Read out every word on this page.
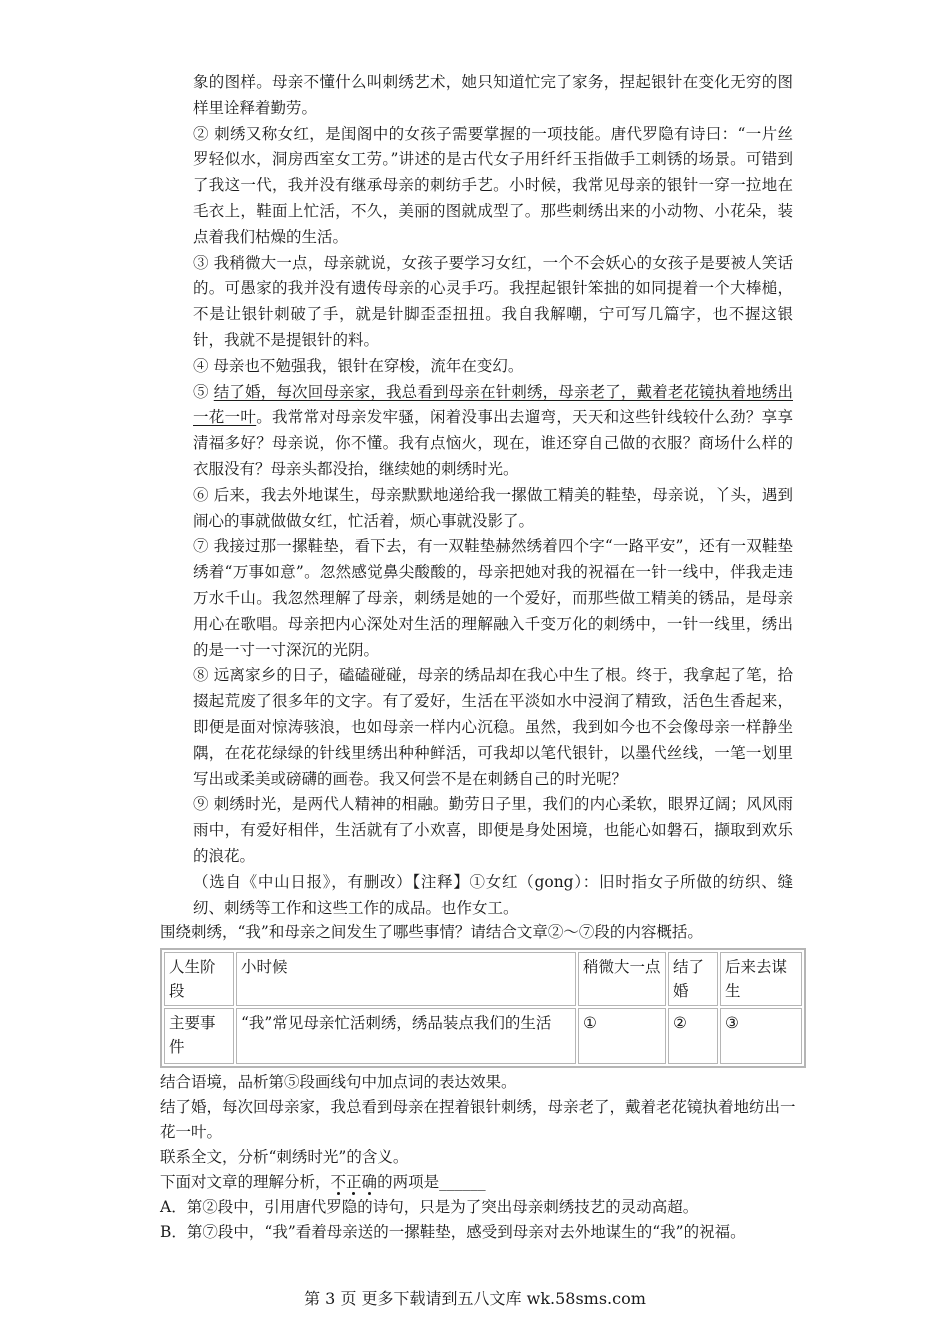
象的图样。母亲不懂什么叫刺绣艺术，她只知道忙完了家务，捏起银针在变化无穷的图样里诠释着勤劳。

② 刺绣又称女红，是闺阁中的女孩子需要掌握的一项技能。唐代罗隐有诗曰：“一片丝罗轻似水，洞房西室女工劳。”讲述的是古代女子用纤纤玉指做手工刺锈的场景。可错到了我这一代，我并没有继承母亲的刺纺手艺。小时候，我常见母亲的银针一穿一拉地在毛衣上，鞋面上忙活，不久，美丽的图就成型了。那些刺绣出来的小动物、小花朵，装点着我们枯燥的生活。

③ 我稍微大一点，母亲就说，女孩子要学习女红，一个不会妖心的女孩子是要被人笑话的。可愚家的我并没有遗传母亲的心灵手巧。我捏起银针笨拙的如同提着一个大棒槌，不是让银针刺破了手，就是针脚歪歪扭扭。我自我解嘲，宁可写几篇字，也不握这银针，我就不是提银针的料。

④ 母亲也不勉强我，银针在穿梭，流年在变幻。

⑤ 结了婚，每次回母亲家，我总看到母亲在针刺绣，母亲老了，戴着老花镜执着地绣出一花一叶。我常常对母亲发牢骚，闲着没事出去遛弯，天天和这些针线较什么劲？享享清福多好？母亲说，你不懂。我有点恼火，现在，谁还穿自己做的衣服？商场什么样的衣服没有？母亲头都没抬，继续她的刺绣时光。

⑥ 后来，我去外地谋生，母亲默默地递给我一摞做工精美的鞋垫，母亲说，丫头，遇到闹心的事就做做女红，忙活着，烦心事就没影了。

⑦ 我接过那一摞鞋垫，看下去，有一双鞋垫赫然绣着四个字“一路平安”，还有一双鞋垫绣着“万事如意”。忽然感觉鼻尖酸酸的，母亲把她对我的祝福在一针一线中，伴我走违万水千山。我忽然理解了母亲，刺绣是她的一个爱好，而那些做工精美的锈品，是母亲用心在歌唱。母亲把内心深处对生活的理解融入千变万化的刺绣中，一针一线里，绣出的是一寸一寸深沉的光阴。

⑧ 远离家乡的日子，磕磕碰碰，母亲的绣品却在我心中生了根。终于，我拿起了笔，拾掇起荒废了很多年的文字。有了爱好，生活在平淡如水中浸润了精致，活色生香起来，即便是面对惊涛骇浪，也如母亲一样内心沉稳。虽然，我到如今也不会像母亲一样静坐隅，在花花绿绿的针线里绣出种种鲜活，可我却以笔代银针，以墨代丝线，一笔一划里写出或柔美或磅礴的画卷。我又何尝不是在刺銹自己的时光呢？

⑨ 刺绣时光，是两代人精神的相融。勤劳日子里，我们的内心柔软，眼界辽阔；风风雨雨中，有爱好相伴，生活就有了小欢喜，即便是身处困境，也能心如磐石，撷取到欢乐的浪花。

（选自《中山日报》，有删改）【注释】①女红（gong）：旧时指女子所做的纺织、缝纫、刺绣等工作和这些工作的成品。也作女工。

围绕刺绣，“我”和母亲之间发生了哪些事情？请结合文章②～⑦段的内容概括。

人生阶段	小时候	稍微大一点	结了婚	后来去谋生
主要事件	“我”常见母亲忙活刺绣，绣品装点我们的生活	①	②	③

结合语境，品析第⑤段画线句中加点词的表达效果。

结了婚，每次回母亲家，我总看到母亲在捏着银针刺绣，母亲老了，戴着老花镜执着地纺出一花一叶。

联系全文，分析“刺绣时光”的含义。

下面对文章的理解分析，不正确的两项是______

A．第②段中，引用唐代罗隐的诗句，只是为了突出母亲刺绣技艺的灵动高超。

B．第⑦段中，“我”看着母亲送的一摞鞋垫，感受到母亲对去外地谋生的“我”的祝福。

第 3 页 更多下载请到五八文库 wk.58sms.com
